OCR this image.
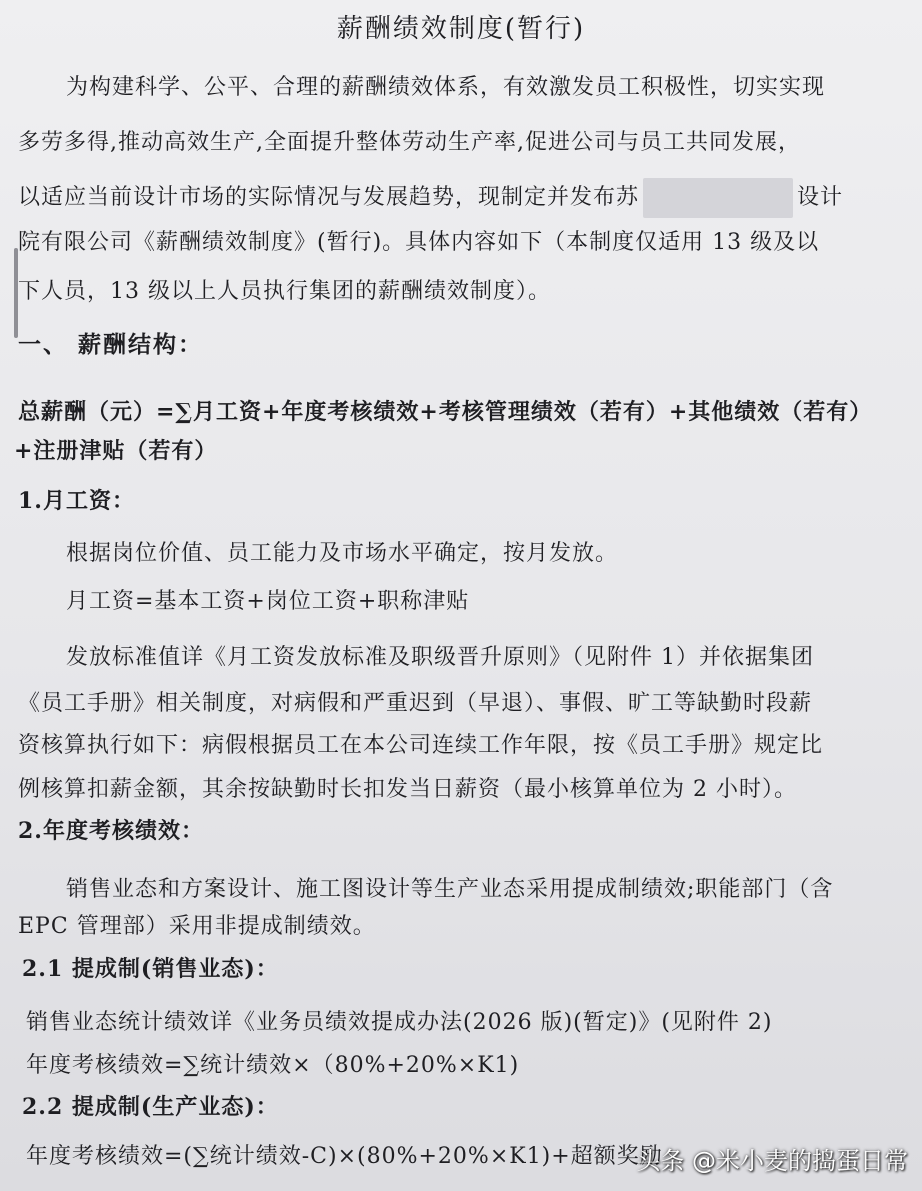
薪酬绩效制度(暂行)
为构建科学、公平、合理的薪酬绩效体系，有效激发员工积极性，切实实现
多劳多得,推动高效生产,全面提升整体劳动生产率,促进公司与员工共同发展，
以适应当前设计市场的实际情况与发展趋势，现制定并发布苏	设计
院有限公司《薪酬绩效制度》(暂行)。具体内容如下（本制度仅适用 13 级及以
下人员，13 级以上人员执行集团的薪酬绩效制度）。
一、 薪酬结构：
总薪酬（元）=∑月工资+年度考核绩效+考核管理绩效（若有）+其他绩效（若有）
+注册津贴（若有）
1.月工资：
根据岗位价值、员工能力及市场水平确定，按月发放。
月工资=基本工资+岗位工资+职称津贴
发放标准值详《月工资发放标准及职级晋升原则》（见附件 1）并依据集团
《员工手册》相关制度，对病假和严重迟到（早退）、事假、旷工等缺勤时段薪
资核算执行如下：病假根据员工在本公司连续工作年限，按《员工手册》规定比
例核算扣薪金额，其余按缺勤时长扣发当日薪资（最小核算单位为 2 小时）。
2.年度考核绩效：
销售业态和方案设计、施工图设计等生产业态采用提成制绩效;职能部门（含
EPC 管理部）采用非提成制绩效。
2.1 提成制(销售业态)：
销售业态统计绩效详《业务员绩效提成办法(2026 版)(暂定)》(见附件 2)
年度考核绩效=∑统计绩效×（80%+20%×K1)
2.2 提成制(生产业态)：
年度考核绩效=(∑统计绩效-C)×(80%+20%×K1)+超额奖励
头条 @米小麦的捣蛋日常
